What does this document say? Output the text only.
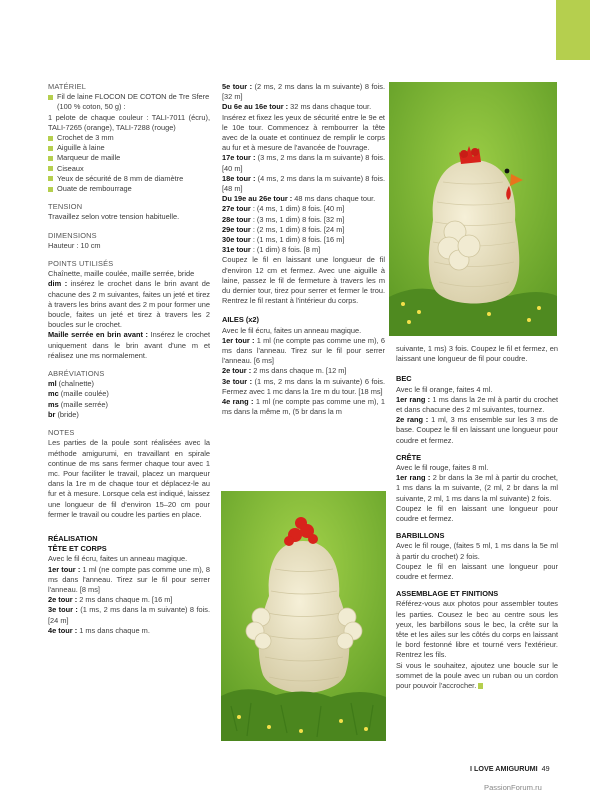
MATÉRIEL
Fil de laine FLOCON DE COTON de Tre Sfere (100 % coton, 50 g) :

1 pelote de chaque couleur : TALI-7011 (écru), TALI-7265 (orange), TALI-7288 (rouge)

Crochet de 3 mm
Aiguille à laine
Marqueur de maille
Ciseaux
Yeux de sécurité de 8 mm de diamètre
Ouate de rembourrage
TENSION

Travaillez selon votre tension habituelle.

DIMENSIONS

Hauteur : 10 cm

POINTS UTILISÉS

Chaînette, maille coulée, maille serrée, bride

dim : insérez le crochet dans le brin avant de chacune des 2 m suivantes, faites un jeté et tirez à travers les brins avant des 2 m pour former une boucle, faites un jeté et tirez à travers les 2 boucles sur le crochet.

Maille serrée en brin avant : Insérez le crochet uniquement dans le brin avant d'une m et réalisez une ms normalement.

ABRÉVIATIONS
ml (chaînette)
mc (maille coulée)
ms (maille serrée)
br (bride)
NOTES

Les parties de la poule sont réalisées avec la méthode amigurumi, en travaillant en spirale continue de ms sans fermer chaque tour avec 1 mc. Pour faciliter le travail, placez un marqueur dans la 1re m de chaque tour et déplacez-le au fur et à mesure. Lorsque cela est indiqué, laissez une longueur de fil d'environ 15–20 cm pour fermer le travail ou coudre les parties en place.

RÉALISATION
TÊTE ET CORPS

Avec le fil écru, faites un anneau magique.

1er tour : 1 ml (ne compte pas comme une m), 8 ms dans l'anneau. Tirez sur le fil pour serrer l'anneau. [8 ms]

2e tour : 2 ms dans chaque m. [16 m]

3e tour : (1 ms, 2 ms dans la m suivante) 8 fois. [24 m]

4e tour : 1 ms dans chaque m.

5e tour : (2 ms, 2 ms dans la m suivante) 8 fois. [32 m]

Du 6e au 16e tour : 32 ms dans chaque tour.

Insérez et fixez les yeux de sécurité entre le 9e et le 10e tour. Commencez à rembourrer la tête avec de la ouate et continuez de remplir le corps au fur et à mesure de l'avancée de l'ouvrage.

17e tour : (3 ms, 2 ms dans la m suivante) 8 fois. [40 m]

18e tour : (4 ms, 2 ms dans la m suivante) 8 fois. [48 m]

Du 19e au 26e tour : 48 ms dans chaque tour.

27e tour : (4 ms, 1 dim) 8 fois. [40 m]

28e tour : (3 ms, 1 dim) 8 fois. [32 m]

29e tour : (2 ms, 1 dim) 8 fois. [24 m]

30e tour : (1 ms, 1 dim) 8 fois. [16 m]

31e tour : (1 dim) 8 fois. [8 m]

Coupez le fil en laissant une longueur de fil d'environ 12 cm et fermez. Avec une aiguille à laine, passez le fil de fermeture à travers les m du dernier tour, tirez pour serrer et fermer le trou. Rentrez le fil restant à l'intérieur du corps.

AILES (x2)

Avec le fil écru, faites un anneau magique.

1er tour : 1 ml (ne compte pas comme une m), 6 ms dans l'anneau. Tirez sur le fil pour serrer l'anneau. [6 ms]

2e tour : 2 ms dans chaque m. [12 m]

3e tour : (1 ms, 2 ms dans la m suivante) 6 fois. Fermez avec 1 mc dans la 1re m du tour. [18 ms]

4e rang : 1 ml (ne compte pas comme une m), 1 ms dans la même m, (5 br dans la m

suivante, 1 ms) 3 fois. Coupez le fil et fermez, en laissant une longueur de fil pour coudre.

BEC

Avec le fil orange, faites 4 ml.

1er rang : 1 ms dans la 2e ml à partir du crochet et dans chacune des 2 ml suivantes, tournez.

2e rang : 1 ml, 3 ms ensemble sur les 3 ms de base. Coupez le fil en laissant une longueur pour coudre et fermez.

CRÊTE

Avec le fil rouge, faites 8 ml.

1er rang : 2 br dans la 3e ml à partir du crochet, 1 ms dans la m suivante, (2 ml, 2 br dans la ml suivante, 2 ml, 1 ms dans la ml suivante) 2 fois.

Coupez le fil en laissant une longueur pour coudre et fermez.

BARBILLONS

Avec le fil rouge, (faites 5 ml, 1 ms dans la 5e ml à partir du crochet) 2 fois.

Coupez le fil en laissant une longueur pour coudre et fermez.

ASSEMBLAGE ET FINITIONS

Référez-vous aux photos pour assembler toutes les parties. Cousez le bec au centre sous les yeux, les barbillons sous le bec, la crête sur la tête et les ailes sur les côtés du corps en laissant le bord festonné libre et tourné vers l'extérieur. Rentrez les fils.

Si vous le souhaitez, ajoutez une boucle sur le sommet de la poule avec un ruban ou un cordon pour pouvoir l'accrocher.

I LOVE AMIGURUMI 49
PassionForum.ru
